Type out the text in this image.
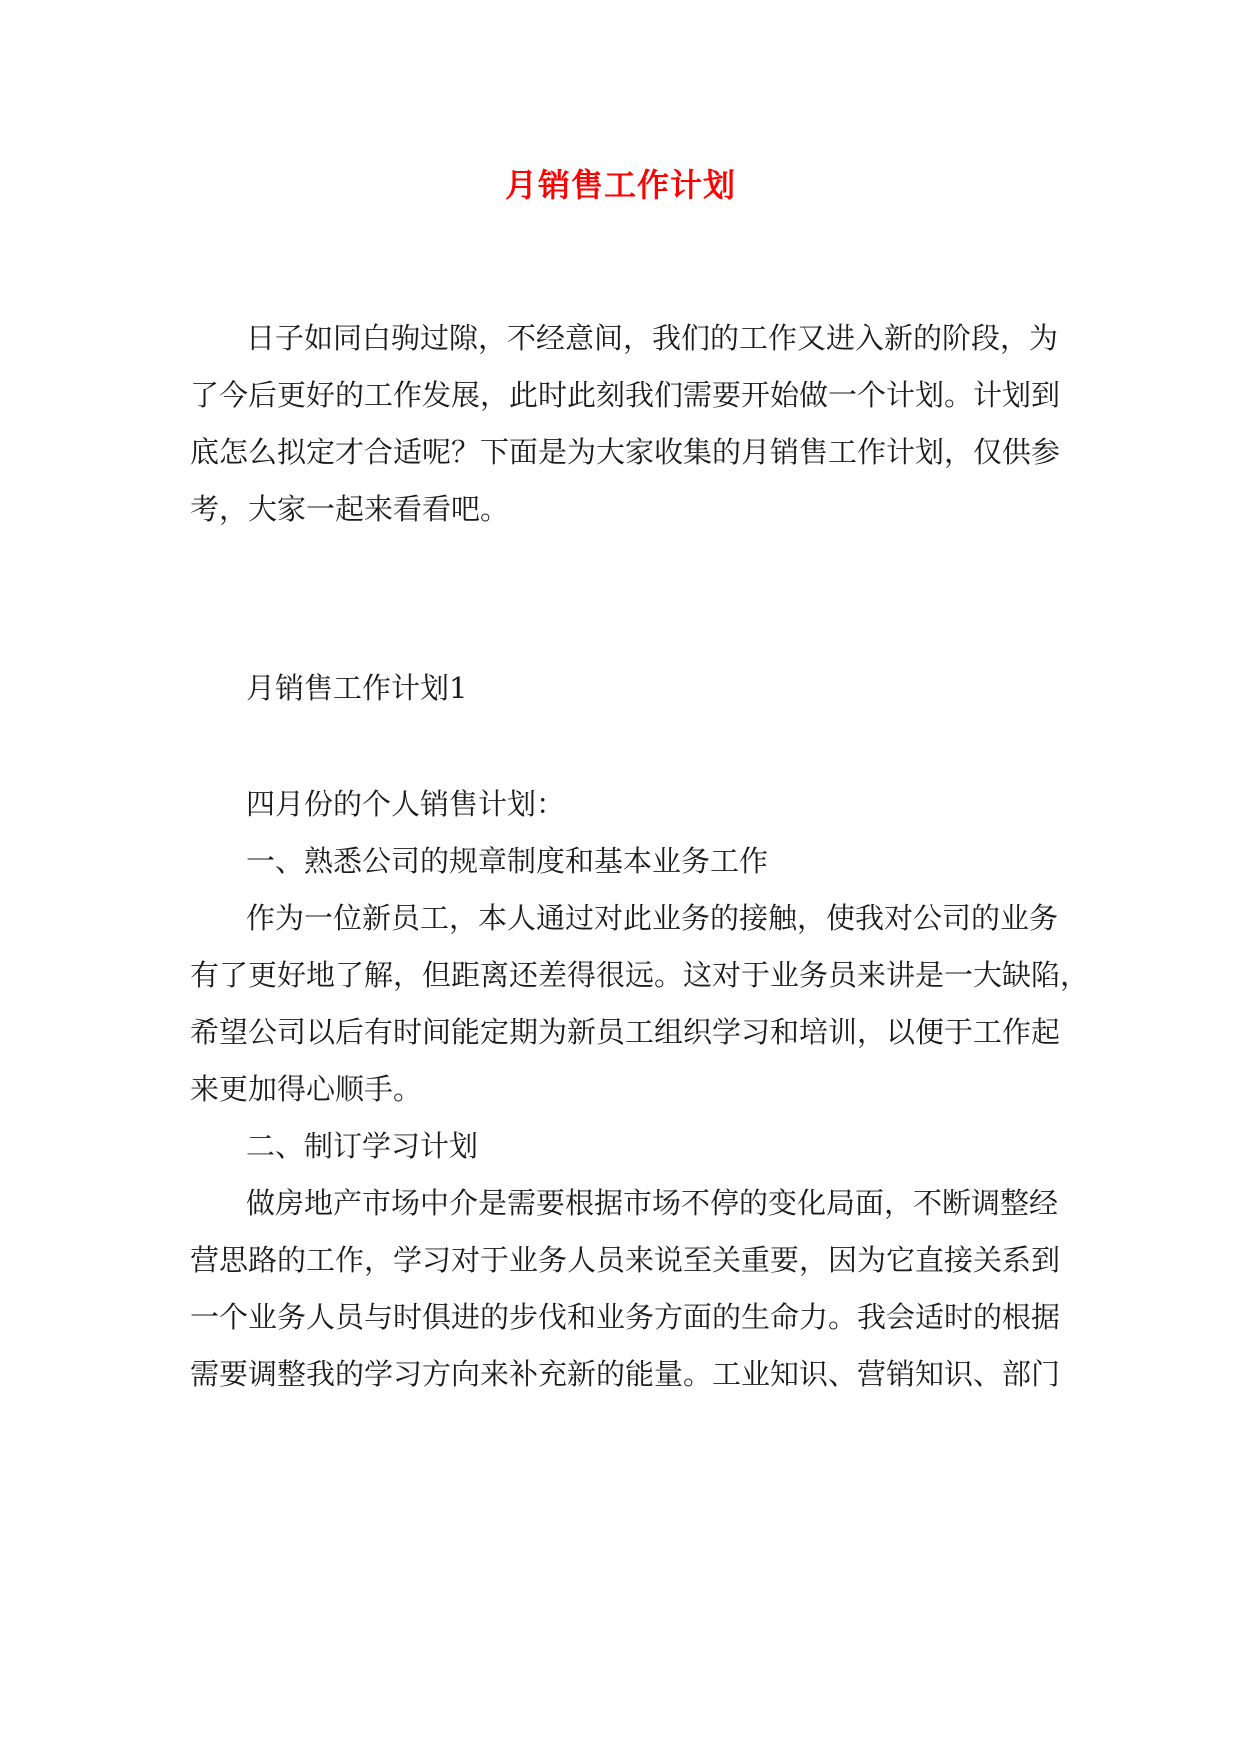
月销售工作计划
日子如同白驹过隙，不经意间，我们的工作又进入新的阶段，为
了今后更好的工作发展，此时此刻我们需要开始做一个计划。计划到
底怎么拟定才合适呢？下面是为大家收集的月销售工作计划，仅供参
考，大家一起来看看吧。
月销售工作计划1
四月份的个人销售计划：
一、熟悉公司的规章制度和基本业务工作
作为一位新员工，本人通过对此业务的接触，使我对公司的业务
有了更好地了解，但距离还差得很远。这对于业务员来讲是一大缺陷，
希望公司以后有时间能定期为新员工组织学习和培训，以便于工作起
来更加得心顺手。
二、制订学习计划
做房地产市场中介是需要根据市场不停的变化局面，不断调整经
营思路的工作，学习对于业务人员来说至关重要，因为它直接关系到
一个业务人员与时俱进的步伐和业务方面的生命力。我会适时的根据
需要调整我的学习方向来补充新的能量。工业知识、营销知识、部门
